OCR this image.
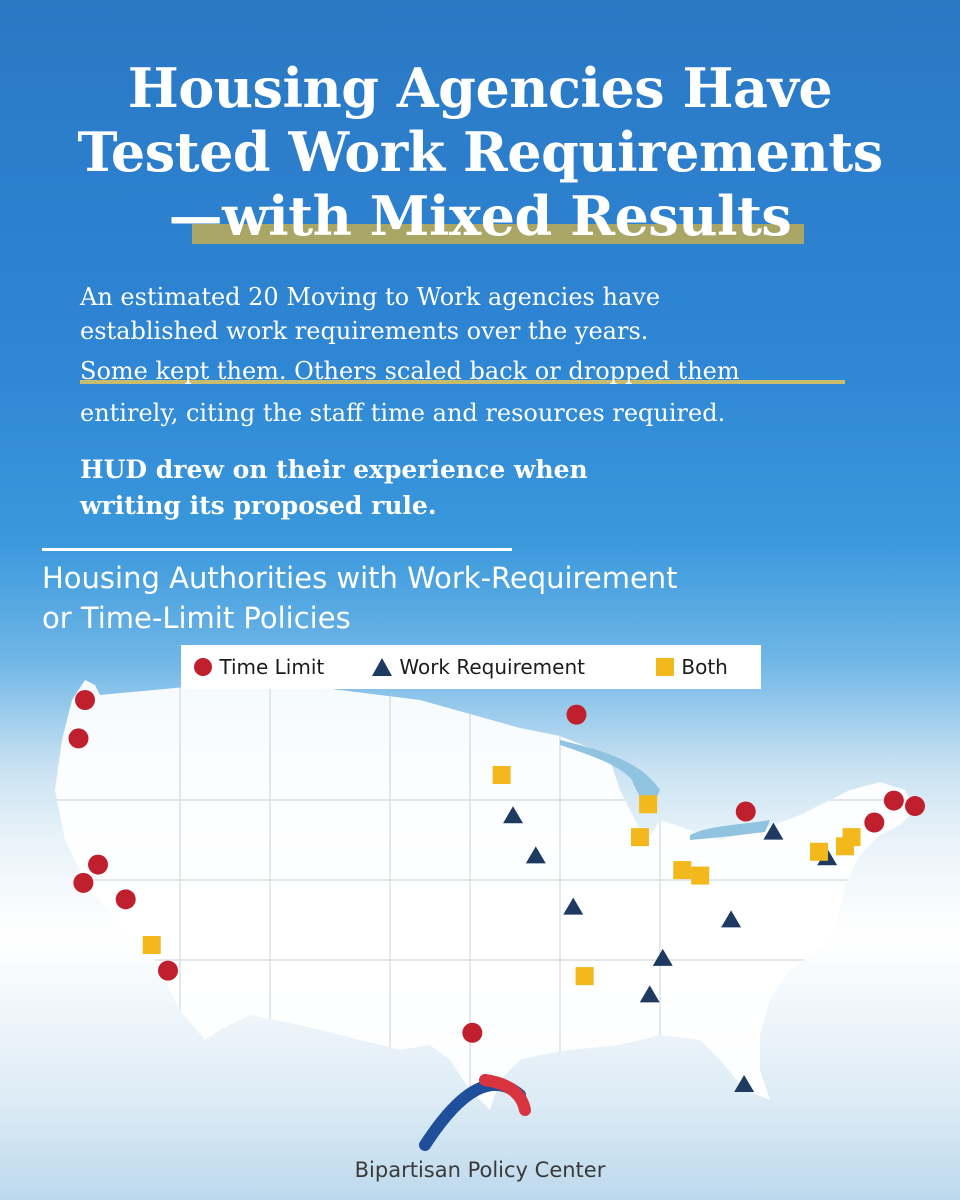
Housing Agencies Have
Tested Work Requirements
—with Mixed Results

An estimated 20 Moving to Work agencies have

established work requirements over the years.

Some kept them. Others scaled back or dropped them

entirely, citing the staff time and resources required.

HUD drew on their experience when

writing its proposed rule.

Housing Authorities with Work-Requirement

or Time-Limit Policies

Time Limit	Work Requirement	Both

Bipartisan Policy Center
